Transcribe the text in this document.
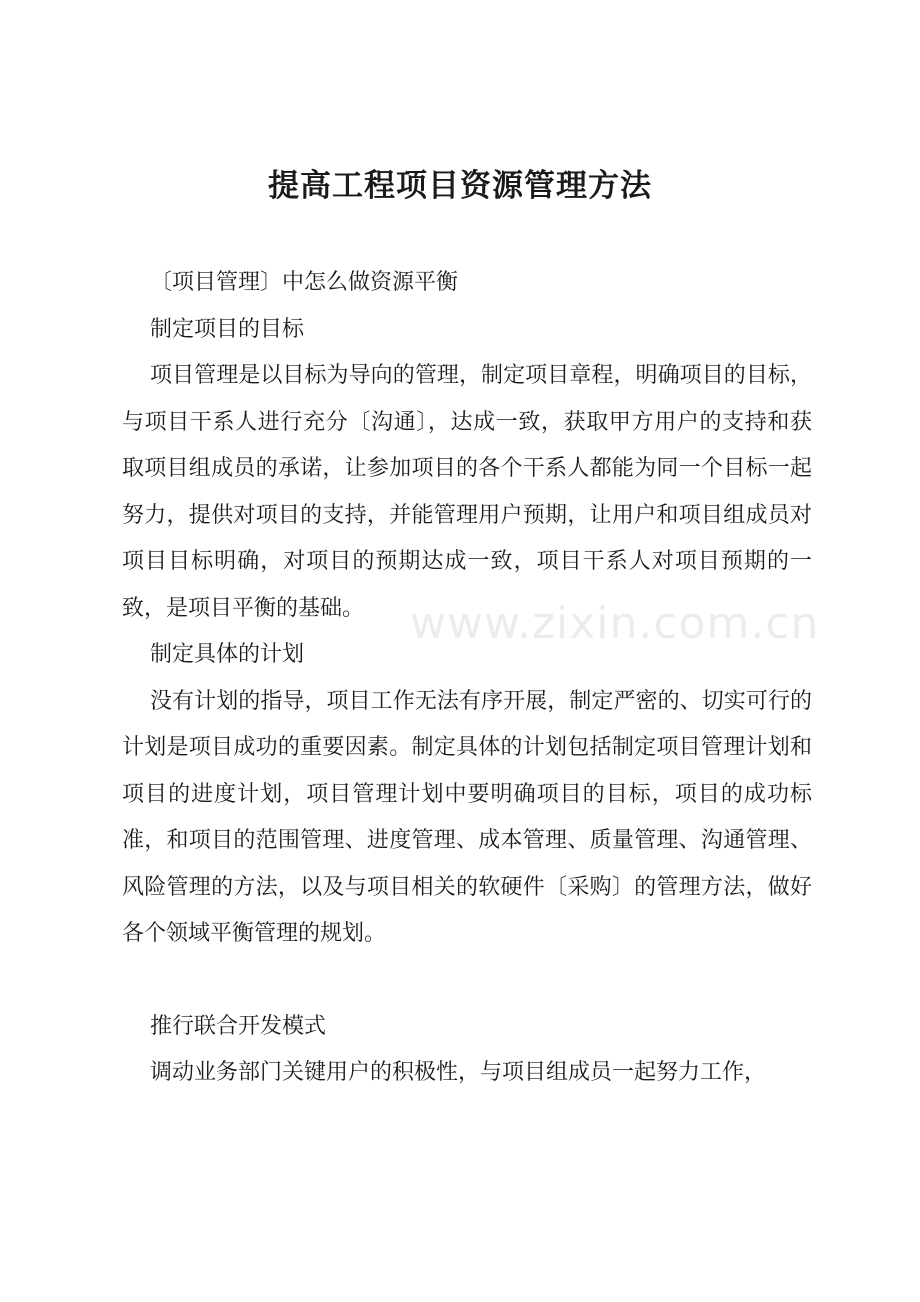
提高工程项目资源管理方法

〔项目管理〕中怎么做资源平衡

制定项目的目标

项目管理是以目标为导向的管理，制定项目章程，明确项目的目标，与项目干系人进行充分〔沟通〕，达成一致，获取甲方用户的支持和获取项目组成员的承诺，让参加项目的各个干系人都能为同一个目标一起努力，提供对项目的支持，并能管理用户预期，让用户和项目组成员对项目目标明确，对项目的预期达成一致，项目干系人对项目预期的一致，是项目平衡的基础。

制定具体的计划

没有计划的指导，项目工作无法有序开展，制定严密的、切实可行的计划是项目成功的重要因素。制定具体的计划包括制定项目管理计划和项目的进度计划，项目管理计划中要明确项目的目标，项目的成功标准，和项目的范围管理、进度管理、成本管理、质量管理、沟通管理、风险管理的方法，以及与项目相关的软硬件〔采购〕的管理方法，做好各个领域平衡管理的规划。

推行联合开发模式

调动业务部门关键用户的积极性，与项目组成员一起努力工作，

www.zixin.com.cn
